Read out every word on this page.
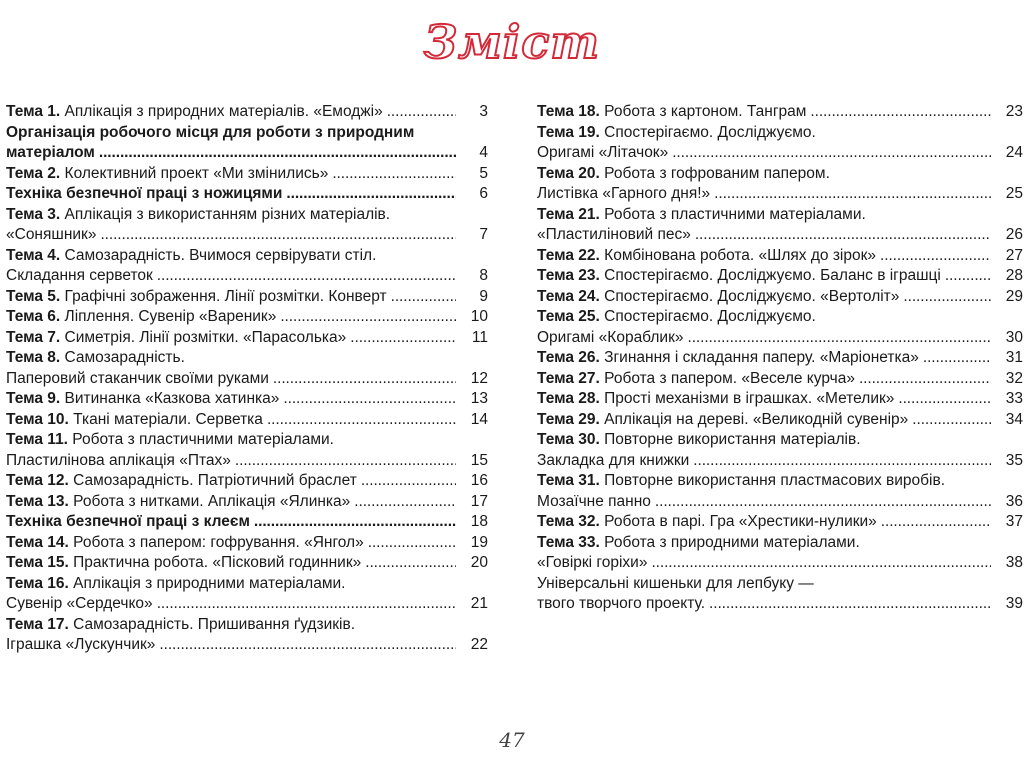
Зміст
Тема 1. Аплікація з природних матеріалів. «Емоджі» . . .	3
Організація робочого місця для роботи з природним
матеріалом . . .	4
Тема 2. Колективний проект «Ми змінились» . . .	5
Техніка безпечної праці з ножицями . . .	6
Тема 3. Аплікація з використанням різних матеріалів.
«Соняшник» . . .	7
Тема 4. Самозарадність. Вчимося сервірувати стіл.
Складання серветок . . .	8
Тема 5. Графічні зображення. Лінії розмітки. Конверт . . .	9
Тема 6. Ліплення. Сувенір «Вареник» . . .	10
Тема 7. Симетрія. Лінії розмітки. «Парасолька» . . .	11
Тема 8. Самозарадність.
Паперовий стаканчик своїми руками . . .	12
Тема 9. Витинанка «Казкова хатинка» . . .	13
Тема 10. Ткані матеріали. Серветка . . .	14
Тема 11. Робота з пластичними матеріалами.
Пластилінова аплікація «Птах» . . .	15
Тема 12. Самозарадність. Патріотичний браслет . . .	16
Тема 13. Робота з нитками. Аплікація «Ялинка» . . .	17
Техніка безпечної праці з клеєм . . .	18
Тема 14. Робота з папером: гофрування. «Янгол» . . .	19
Тема 15. Практична робота. «Пісковий годинник» . . .	20
Тема 16. Аплікація з природними матеріалами.
Сувенір «Сердечко» . . .	21
Тема 17. Самозарадність. Пришивання ґудзиків.
Іграшка «Лускунчик» . . .	22
Тема 18. Робота з картоном. Танграм . . .	23
Тема 19. Спостерігаємо. Досліджуємо.
Оригамі «Літачок» . . .	24
Тема 20. Робота з гофрованим папером.
Листівка «Гарного дня!» . . .	25
Тема 21. Робота з пластичними матеріалами.
«Пластиліновий пес» . . .	26
Тема 22. Комбінована робота. «Шлях до зірок» . . .	27
Тема 23. Спостерігаємо. Досліджуємо. Баланс в іграшці . . .	28
Тема 24. Спостерігаємо. Досліджуємо. «Вертоліт» . . .	29
Тема 25. Спостерігаємо. Досліджуємо.
Оригамі «Кораблик» . . .	30
Тема 26. Згинання і складання паперу. «Маріонетка» . . .	31
Тема 27. Робота з папером. «Веселе курча» . . .	32
Тема 28. Прості механізми в іграшках. «Метелик» . . .	33
Тема 29. Аплікація на дереві. «Великодній сувенір» . . .	34
Тема 30. Повторне використання матеріалів.
Закладка для книжки . . .	35
Тема 31. Повторне використання пластмасових виробів.
Мозаїчне панно . . .	36
Тема 32. Робота в парі. Гра «Хрестики-нулики» . . .	37
Тема 33. Робота з природними матеріалами.
«Говіркі горіхи» . . .	38
Універсальні кишеньки для лепбуку —
твого творчого проекту. . . .	39
47
